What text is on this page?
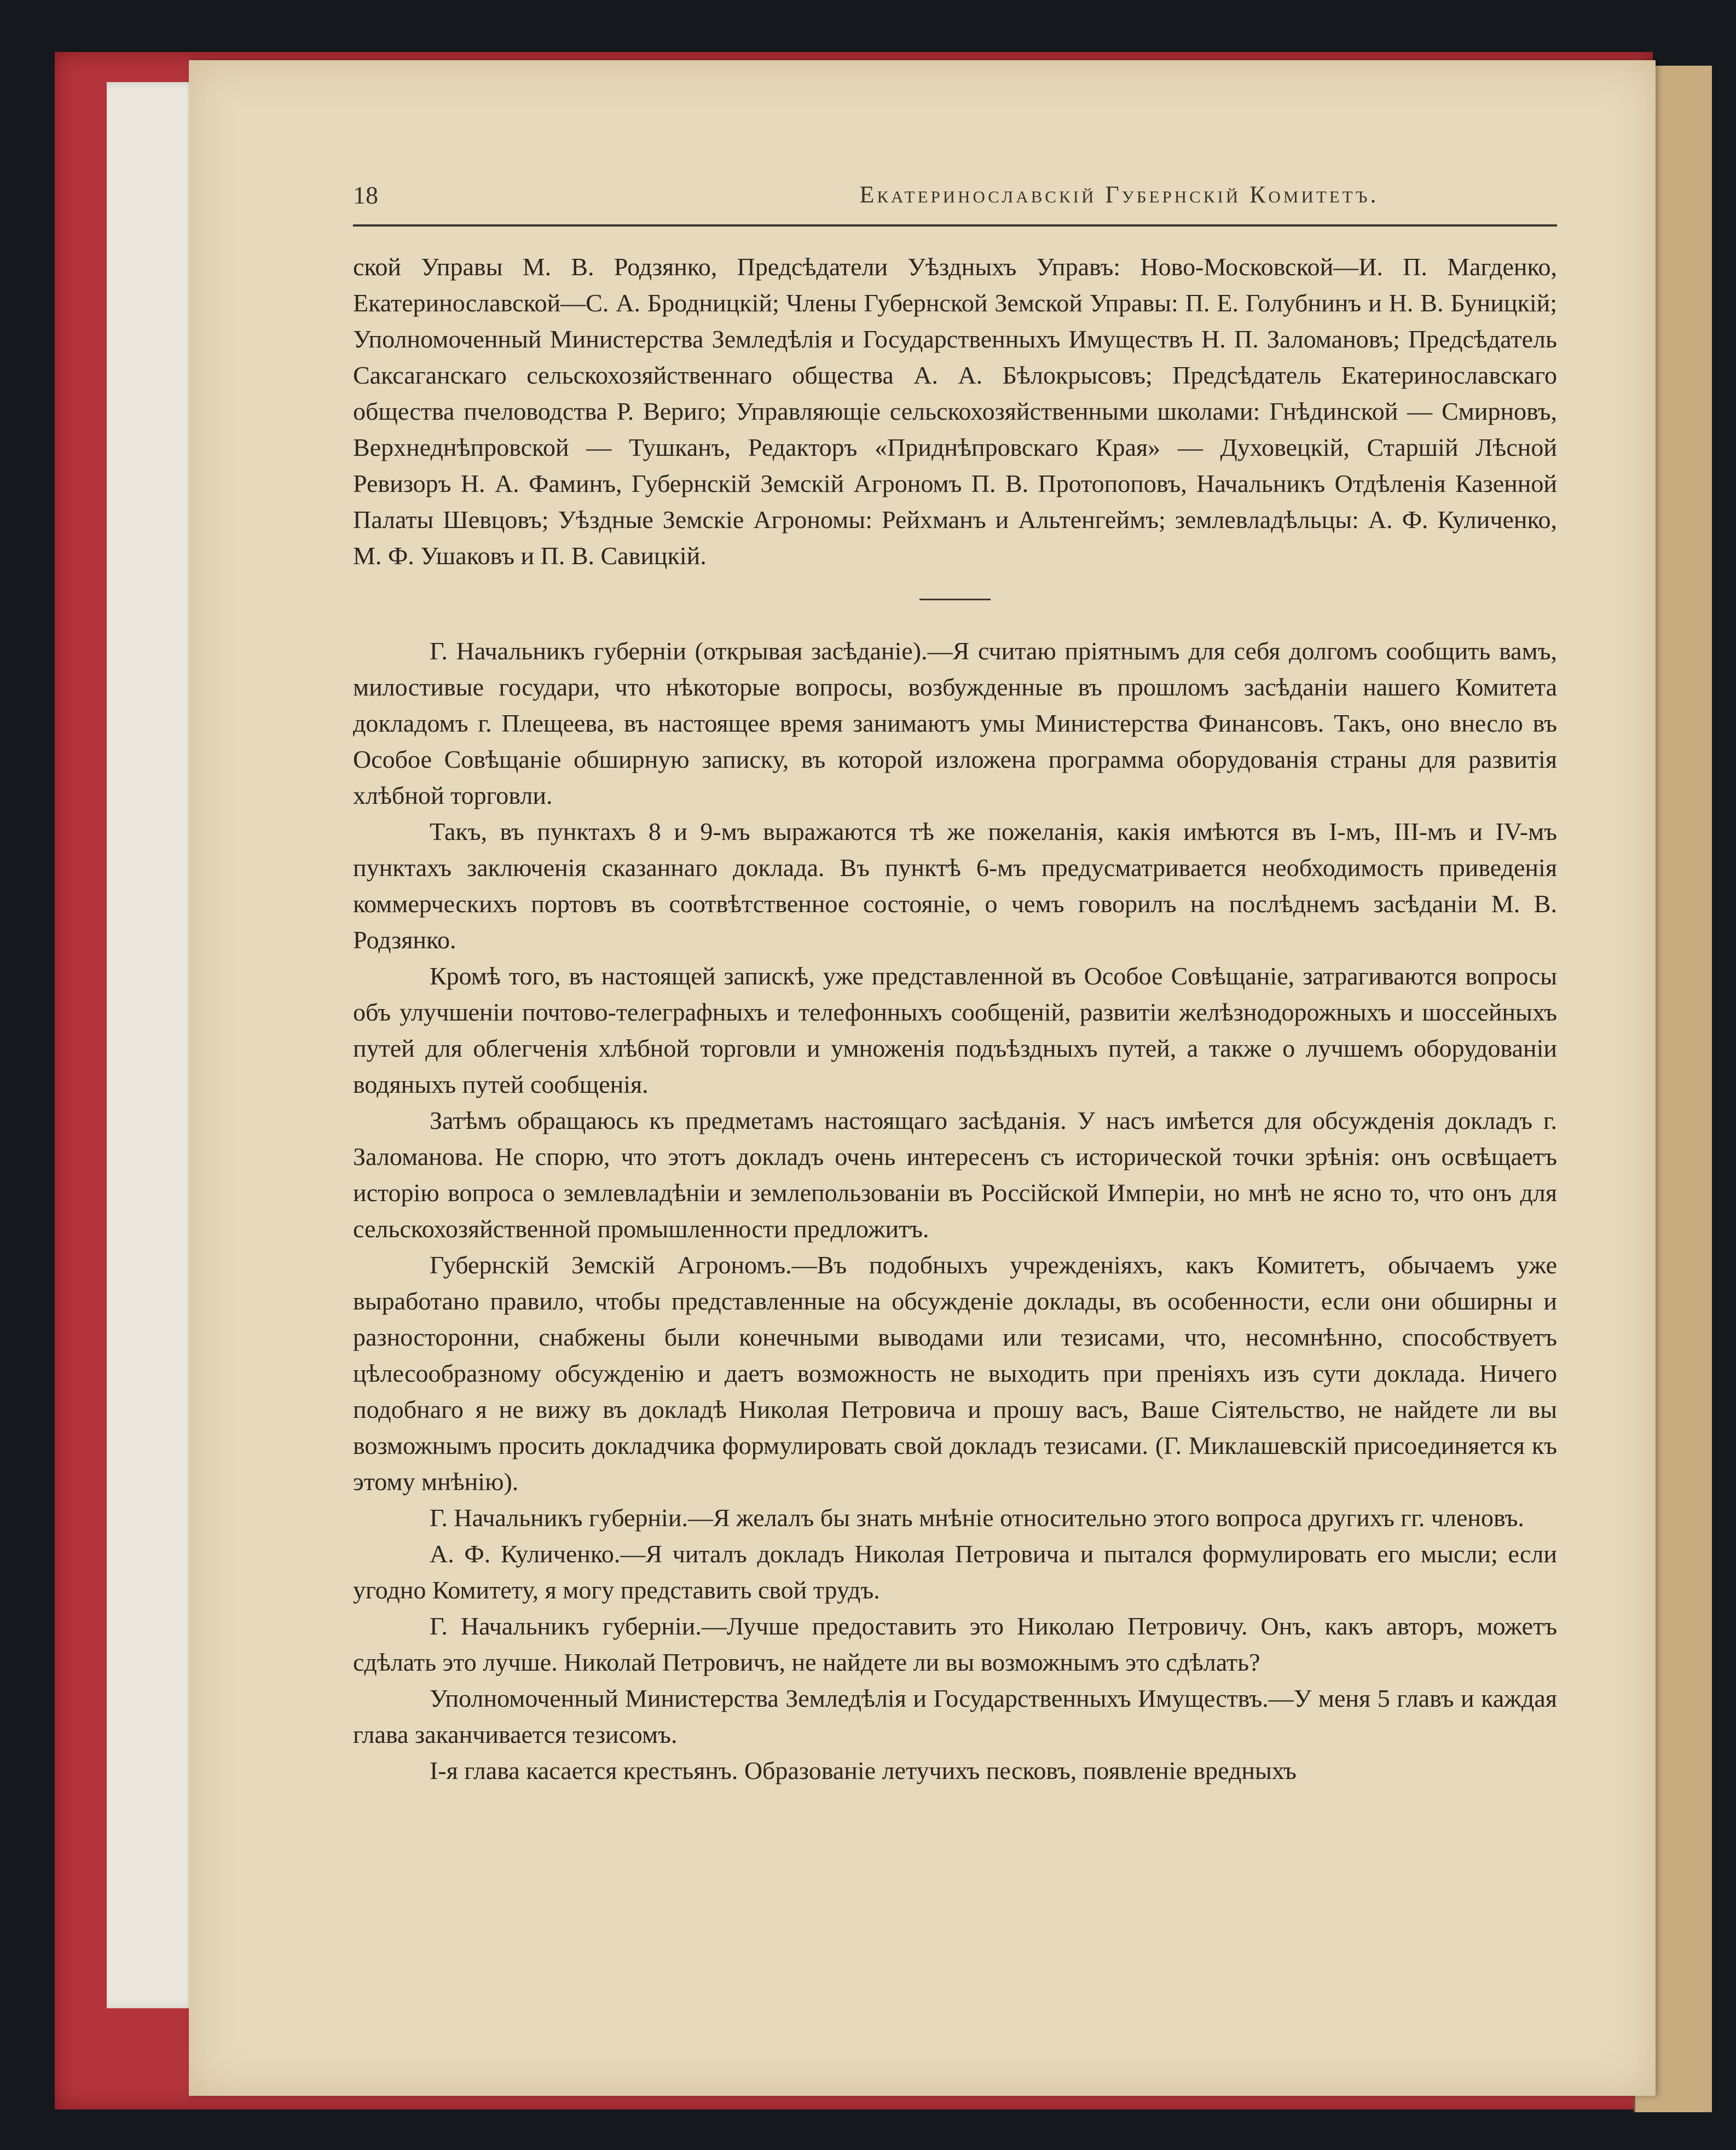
18	Екатеринославскій Губернскій Комитетъ.

ской Управы М. В. Родзянко, Предсѣдатели Уѣздныхъ Управъ: Ново-Московской—И. П. Магденко, Екатеринославской—С. А. Бродницкій; Члены Губернской Земской Управы: П. Е. Голубнинъ и Н. В. Буницкій; Уполномоченный Министерства Земледѣлія и Государственныхъ Имуществъ Н. П. Заломановъ; Предсѣдатель Саксаганскаго сельскохозяйственнаго общества А. А. Бѣлокрысовъ; Предсѣдатель Екатеринославскаго общества пчеловодства Р. Вериго; Управляющіе сельскохозяйственными школами: Гнѣдинской — Смирновъ, Верхнеднѣпровской — Тушканъ, Редакторъ «Приднѣпровскаго Края» — Духовецкій, Старшій Лѣсной Ревизоръ Н. А. Фаминъ, Губернскій Земскій Агрономъ П. В. Протопоповъ, Начальникъ Отдѣленія Казенной Палаты Шевцовъ; Уѣздные Земскіе Агрономы: Рейхманъ и Альтенгеймъ; землевладѣльцы: А. Ф. Куличенко, М. Ф. Ушаковъ и П. В. Савицкій.

Г. Начальникъ губерніи (открывая засѣданіе).—Я считаю пріятнымъ для себя долгомъ сообщить вамъ, милостивые государи, что нѣкоторые вопросы, возбужденные въ прошломъ засѣданіи нашего Комитета докладомъ г. Плещеева, въ настоящее время занимаютъ умы Министерства Финансовъ. Такъ, оно внесло въ Особое Совѣщаніе обширную записку, въ которой изложена программа оборудованія страны для развитія хлѣбной торговли.

Такъ, въ пунктахъ 8 и 9-мъ выражаются тѣ же пожеланія, какія имѣются въ I-мъ, III-мъ и IV-мъ пунктахъ заключенія сказаннаго доклада. Въ пунктѣ 6-мъ предусматривается необходимость приведенія коммерческихъ портовъ въ соотвѣтственное состояніе, о чемъ говорилъ на послѣднемъ засѣданіи М. В. Родзянко.

Кромѣ того, въ настоящей запискѣ, уже представленной въ Особое Совѣщаніе, затрагиваются вопросы объ улучшеніи почтово-телеграфныхъ и телефонныхъ сообщеній, развитіи желѣзнодорожныхъ и шоссейныхъ путей для облегченія хлѣбной торговли и умноженія подъѣздныхъ путей, а также о лучшемъ оборудованіи водяныхъ путей сообщенія.

Затѣмъ обращаюсь къ предметамъ настоящаго засѣданія. У насъ имѣется для обсужденія докладъ г. Заломанова. Не спорю, что этотъ докладъ очень интересенъ съ исторической точки зрѣнія: онъ освѣщаетъ исторію вопроса о землевладѣніи и землепользованіи въ Россійской Имперіи, но мнѣ не ясно то, что онъ для сельскохозяйственной промышленности предложитъ.

Губернскій Земскій Агрономъ.—Въ подобныхъ учрежденіяхъ, какъ Комитетъ, обычаемъ уже выработано правило, чтобы представленные на обсужденіе доклады, въ особенности, если они обширны и разносторонни, снабжены были конечными выводами или тезисами, что, несомнѣнно, способствуетъ цѣлесообразному обсужденію и даетъ возможность не выходить при преніяхъ изъ сути доклада. Ничего подобнаго я не вижу въ докладѣ Николая Петровича и прошу васъ, Ваше Сіятельство, не найдете ли вы возможнымъ просить докладчика формулировать свой докладъ тезисами. (Г. Миклашевскій присоединяется къ этому мнѣнію).

Г. Начальникъ губерніи.—Я желалъ бы знать мнѣніе относительно этого вопроса другихъ гг. членовъ.

А. Ф. Куличенко.—Я читалъ докладъ Николая Петровича и пытался формулировать его мысли; если угодно Комитету, я могу представить свой трудъ.

Г. Начальникъ губерніи.—Лучше предоставить это Николаю Петровичу. Онъ, какъ авторъ, можетъ сдѣлать это лучше. Николай Петровичъ, не найдете ли вы возможнымъ это сдѣлать?

Уполномоченный Министерства Земледѣлія и Государственныхъ Имуществъ.—У меня 5 главъ и каждая глава заканчивается тезисомъ.

I-я глава касается крестьянъ. Образованіе летучихъ песковъ, появленіе вредныхъ
